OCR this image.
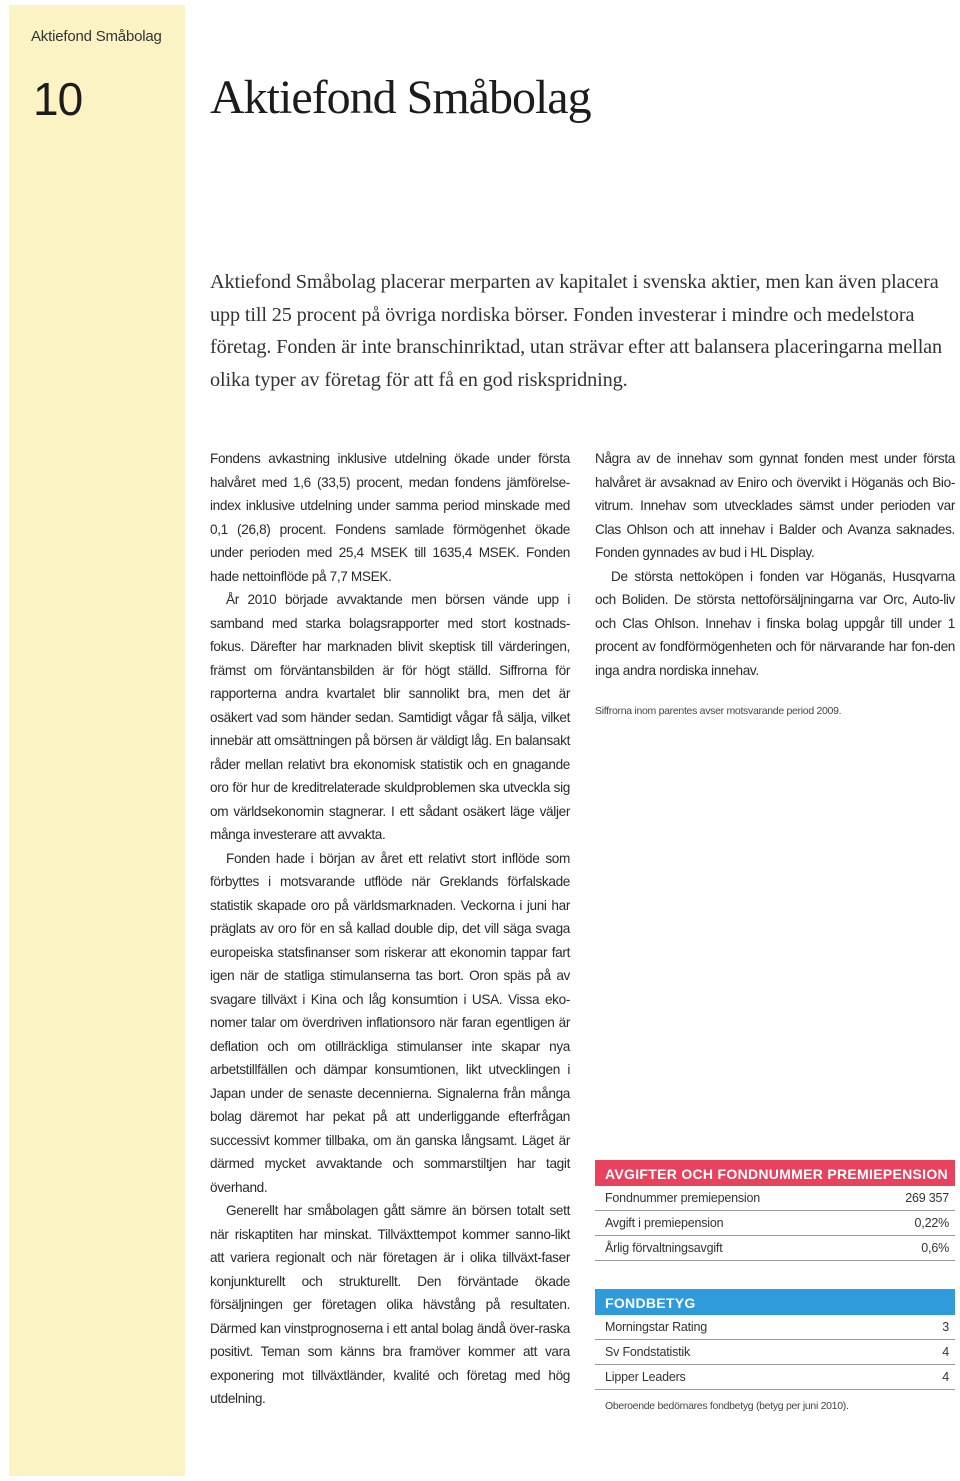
Aktiefond Småbolag
10	Aktiefond Småbolag

Aktiefond Småbolag placerar merparten av kapitalet i svenska aktier, men kan även placera upp till 25 procent på övriga nordiska börser. Fonden investerar i mindre och medelstora företag. Fonden är inte branschinriktad, utan strävar efter att balansera placeringarna mellan olika typer av företag för att få en god riskspridning.

Fondens avkastning inklusive utdelning ökade under första halvåret med 1,6 (33,5) procent, medan fondens jämförelse-index inklusive utdelning under samma period minskade med 0,1 (26,8) procent. Fondens samlade förmögenhet ökade under perioden med 25,4 MSEK till 1635,4 MSEK. Fonden hade nettoinflöde på 7,7 MSEK.

År 2010 började avvaktande men börsen vände upp i samband med starka bolagsrapporter med stort kostnads-fokus. Därefter har marknaden blivit skeptisk till värderingen, främst om förväntansbilden är för högt ställd. Siffrorna för rapporterna andra kvartalet blir sannolikt bra, men det är osäkert vad som händer sedan. Samtidigt vågar få sälja, vilket innebär att omsättningen på börsen är väldigt låg. En balansakt råder mellan relativt bra ekonomisk statistik och en gnagande oro för hur de kreditrelaterade skuldproblemen ska utveckla sig om världsekonomin stagnerar. I ett sådant osäkert läge väljer många investerare att avvakta.

Fonden hade i början av året ett relativt stort inflöde som förbyttes i motsvarande utflöde när Greklands förfalskade statistik skapade oro på världsmarknaden. Veckorna i juni har präglats av oro för en så kallad double dip, det vill säga svaga europeiska statsfinanser som riskerar att ekonomin tappar fart igen när de statliga stimulanserna tas bort. Oron späs på av svagare tillväxt i Kina och låg konsumtion i USA. Vissa eko-nomer talar om överdriven inflationsoro när faran egentligen är deflation och om otillräckliga stimulanser inte skapar nya arbetstillfällen och dämpar konsumtionen, likt utvecklingen i Japan under de senaste decennierna. Signalerna från många bolag däremot har pekat på att underliggande efterfrågan successivt kommer tillbaka, om än ganska långsamt. Läget är därmed mycket avvaktande och sommarstiltjen har tagit överhand.

Generellt har småbolagen gått sämre än börsen totalt sett när riskaptiten har minskat. Tillväxttempot kommer sanno-likt att variera regionalt och när företagen är i olika tillväxt-faser konjunkturellt och strukturellt. Den förväntade ökade försäljningen ger företagen olika hävstång på resultaten. Därmed kan vinstprognoserna i ett antal bolag ändå över-raska positivt. Teman som känns bra framöver kommer att vara exponering mot tillväxtländer, kvalité och företag med hög utdelning.

Några av de innehav som gynnat fonden mest under första halvåret är avsaknad av Eniro och övervikt i Höganäs och Bio-vitrum. Innehav som utvecklades sämst under perioden var Clas Ohlson och att innehav i Balder och Avanza saknades. Fonden gynnades av bud i HL Display.

De största nettoköpen i fonden var Höganäs, Husqvarna och Boliden. De största nettoförsäljningarna var Orc, Auto-liv och Clas Ohlson. Innehav i finska bolag uppgår till under 1 procent av fondförmögenheten och för närvarande har fon-den inga andra nordiska innehav.

Siffrorna inom parentes avser motsvarande period 2009.
AVGIFTER OCH FONDNUMMER PREMIEPENSION
Fondnummer premiepension	269 357
Avgift i premiepension	0,22%
Årlig förvaltningsavgift	0,6%
FONDBETYG
Morningstar Rating	3
Sv Fondstatistik	4
Lipper Leaders	4
Oberoende bedömares fondbetyg (betyg per juni 2010).
